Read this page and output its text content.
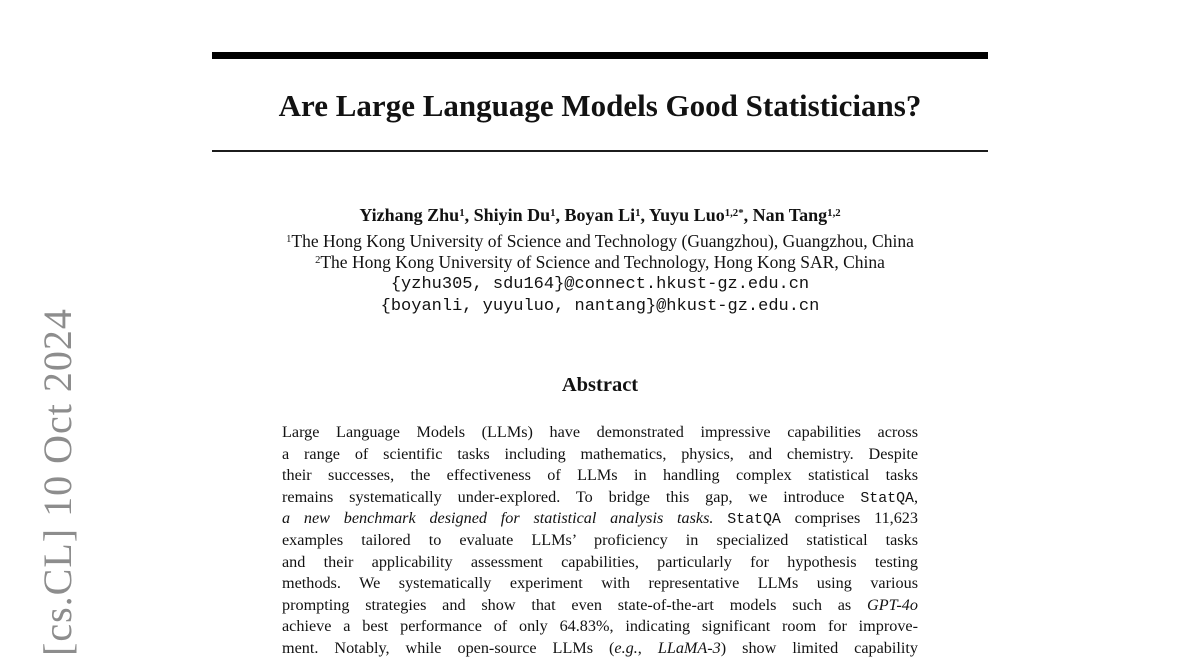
[cs.CL] 10 Oct 2024
Are Large Language Models Good Statisticians?
Yizhang Zhu$^1$, Shiyin Du$^1$, Boyan Li$^1$, Yuyu Luo$^{1,2*}$, Nan Tang$^{1,2}$
$^1$The Hong Kong University of Science and Technology (Guangzhou), Guangzhou, China
$^2$The Hong Kong University of Science and Technology, Hong Kong SAR, China
{yzhu305, sdu164}@connect.hkust-gz.edu.cn
{boyanli, yuyuluo, nantang}@hkust-gz.edu.cn
Abstract
Large Language Models (LLMs) have demonstrated impressive capabilities across
a range of scientific tasks including mathematics, physics, and chemistry. Despite
their successes, the effectiveness of LLMs in handling complex statistical tasks
remains systematically under-explored. To bridge this gap, we introduce StatQA,
a new benchmark designed for statistical analysis tasks. StatQA comprises 11,623
examples tailored to evaluate LLMs’ proficiency in specialized statistical tasks
and their applicability assessment capabilities, particularly for hypothesis testing
methods. We systematically experiment with representative LLMs using various
prompting strategies and show that even state-of-the-art models such as GPT-4o
achieve a best performance of only 64.83%, indicating significant room for improve-
ment. Notably, while open-source LLMs (e.g., LLaMA-3) show limited capability
